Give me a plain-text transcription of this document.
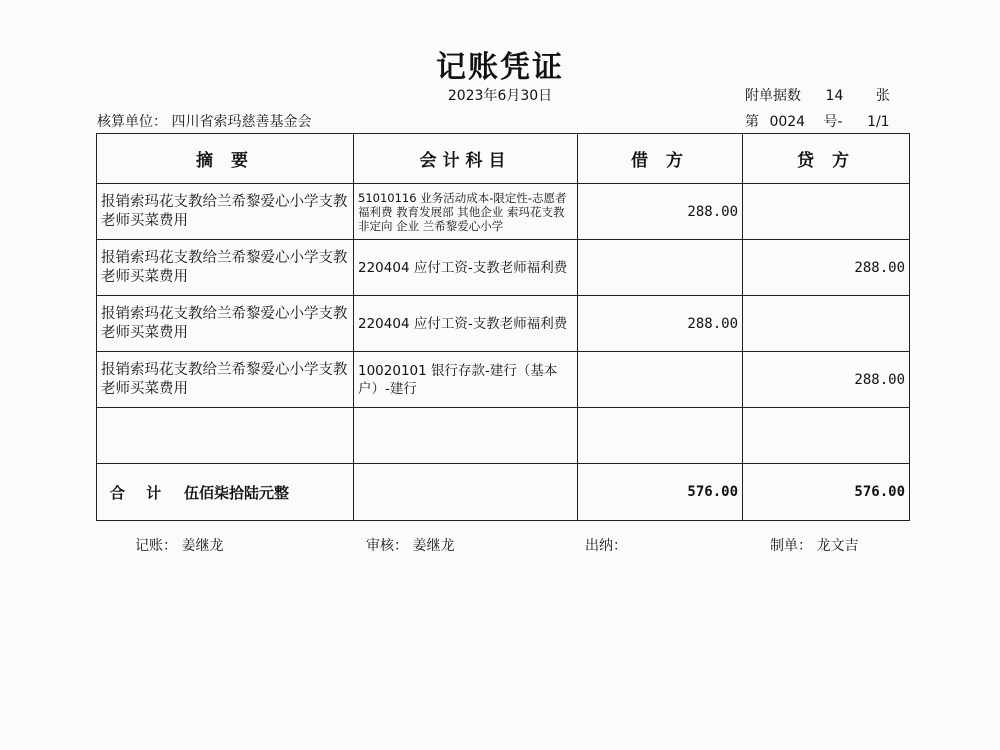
记账凭证
2023年6月30日	附单据数 14 张
核算单位： 四川省索玛慈善基金会	第 0024 号- 1/1
摘 要	会计科目	借 方	贷 方
报销索玛花支教给兰希黎爱心小学支教老师买菜费用	51010116 业务活动成本-限定性-志愿者福利费 教育发展部 其他企业 索玛花支教 非定向 企业 兰希黎爱心小学	288.00	
报销索玛花支教给兰希黎爱心小学支教老师买菜费用	220404 应付工资-支教老师福利费		288.00
报销索玛花支教给兰希黎爱心小学支教老师买菜费用	220404 应付工资-支教老师福利费	288.00	
报销索玛花支教给兰希黎爱心小学支教老师买菜费用	10020101 银行存款-建行（基本户）-建行		288.00

合 计 伍佰柒拾陆元整		576.00	576.00
记账： 姜继龙	审核： 姜继龙	出纳：	制单： 龙文吉
